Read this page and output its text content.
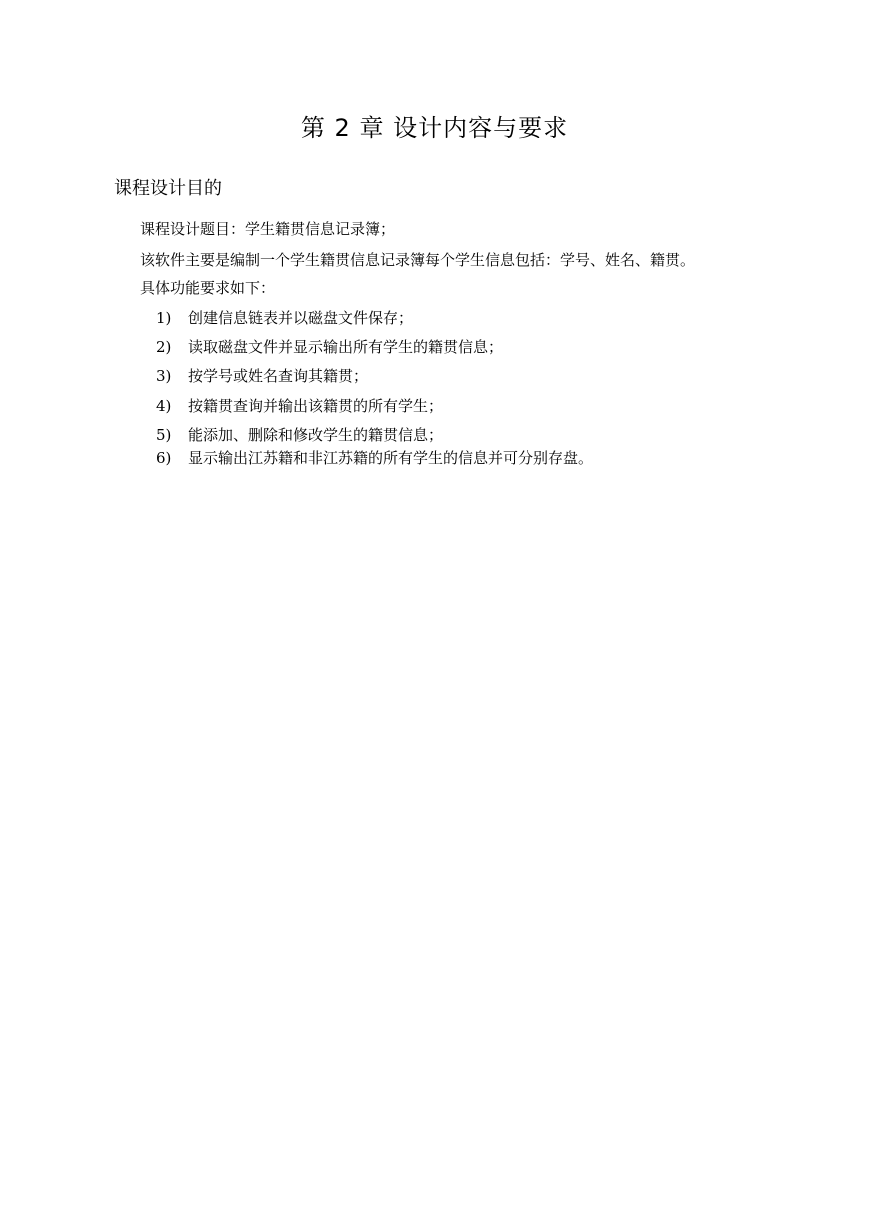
第 2 章 设计内容与要求
课程设计目的
课程设计题目：学生籍贯信息记录簿；
该软件主要是编制一个学生籍贯信息记录簿每个学生信息包括：学号、姓名、籍贯。
具体功能要求如下：
1) 创建信息链表并以磁盘文件保存；
2) 读取磁盘文件并显示输出所有学生的籍贯信息；
3) 按学号或姓名查询其籍贯；
4) 按籍贯查询并输出该籍贯的所有学生；
5) 能添加、删除和修改学生的籍贯信息；
6) 显示输出江苏籍和非江苏籍的所有学生的信息并可分别存盘。
